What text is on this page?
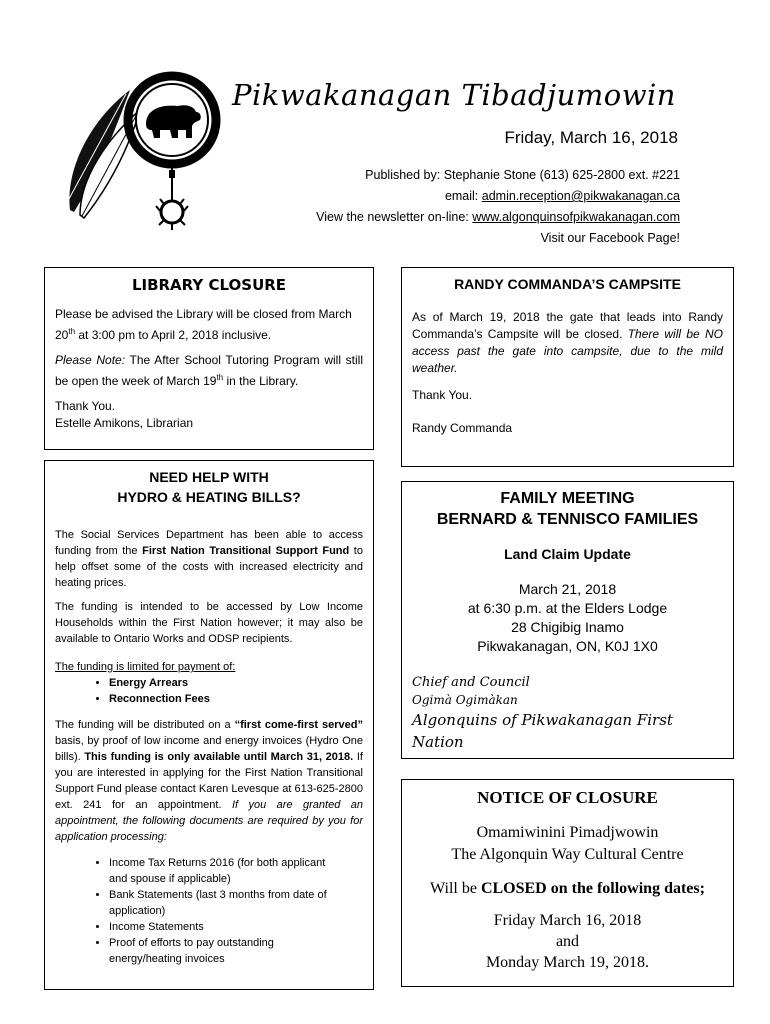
Pikwakanagan Tibadjumowin
Friday, March 16, 2018
Published by: Stephanie Stone (613) 625-2800 ext. #221
email: admin.reception@pikwakanagan.ca
View the newsletter on-line: www.algonquinsofpikwakanagan.com
Visit our Facebook Page!

LIBRARY CLOSURE

Please be advised the Library will be closed from March 20th at 3:00 pm to April 2, 2018 inclusive.

Please Note: The After School Tutoring Program will still be open the week of March 19th in the Library.

Thank You.

Estelle Amikons, Librarian

RANDY COMMANDA’S CAMPSITE

As of March 19, 2018 the gate that leads into Randy Commanda’s Campsite will be closed. There will be NO access past the gate into campsite, due to the mild weather.

Thank You.

Randy Commanda

NEED HELP WITH

HYDRO & HEATING BILLS?

The Social Services Department has been able to access funding from the First Nation Transitional Support Fund to help offset some of the costs with increased electricity and heating prices.

The funding is intended to be accessed by Low Income Households within the First Nation however; it may also be available to Ontario Works and ODSP recipients.

The funding is limited for payment of:

• Energy Arrears
• Reconnection Fees

The funding will be distributed on a “first come-first served” basis, by proof of low income and energy invoices (Hydro One bills). This funding is only available until March 31, 2018. If you are interested in applying for the First Nation Transitional Support Fund please contact Karen Levesque at 613-625-2800 ext. 241 for an appointment. If you are granted an appointment, the following documents are required by you for application processing:

• Income Tax Returns 2016 (for both applicant and spouse if applicable)
• Bank Statements (last 3 months from date of application)
• Income Statements
• Proof of efforts to pay outstanding energy/heating invoices

FAMILY MEETING

BERNARD & TENNISCO FAMILIES

Land Claim Update

March 21, 2018

at 6:30 p.m. at the Elders Lodge

28 Chigibig Inamo

Pikwakanagan, ON, K0J 1X0

Chief and Council

Ogimà Ogimàkan

Algonquins of Pikwakanagan First Nation

NOTICE OF CLOSURE

Omamiwinini Pimadjwowin

The Algonquin Way Cultural Centre

Will be CLOSED on the following dates;

Friday March 16, 2018

and

Monday March 19, 2018.
